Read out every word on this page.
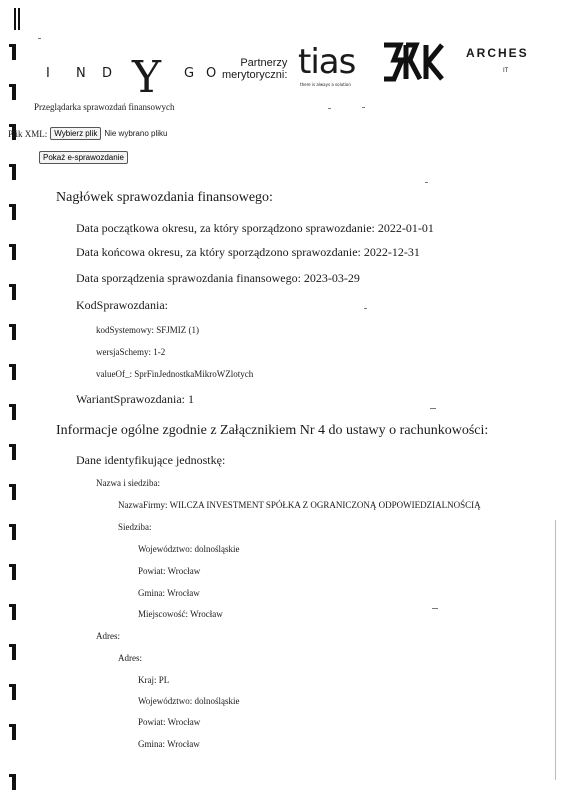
I N D Y G O
Partnerzy
merytoryczni: tias
there is always a solution
BRK
ARCHES
IT
Przeglądarka sprawozdań finansowych
Plik XML: Wybierz plik Nie wybrano pliku
Pokaż e-sprawozdanie
Nagłówek sprawozdania finansowego:
Data początkowa okresu, za który sporządzono sprawozdanie: 2022-01-01
Data końcowa okresu, za który sporządzono sprawozdanie: 2022-12-31
Data sporządzenia sprawozdania finansowego: 2023-03-29
KodSprawozdania:
kodSystemowy: SFJMIZ (1)
wersjaSchemy: 1-2
valueOf_: SprFinJednostkaMikroWZlotych
WariantSprawozdania: 1
Informacje ogólne zgodnie z Załącznikiem Nr 4 do ustawy o rachunkowości:
Dane identyfikujące jednostkę:
Nazwa i siedziba:
NazwaFirmy: WILCZA INVESTMENT SPÓŁKA Z OGRANICZONĄ ODPOWIEDZIALNOŚCIĄ
Siedziba:
Województwo: dolnośląskie
Powiat: Wrocław
Gmina: Wrocław
Miejscowość: Wrocław
Adres:
Adres:
Kraj: PL
Województwo: dolnośląskie
Powiat: Wrocław
Gmina: Wrocław
